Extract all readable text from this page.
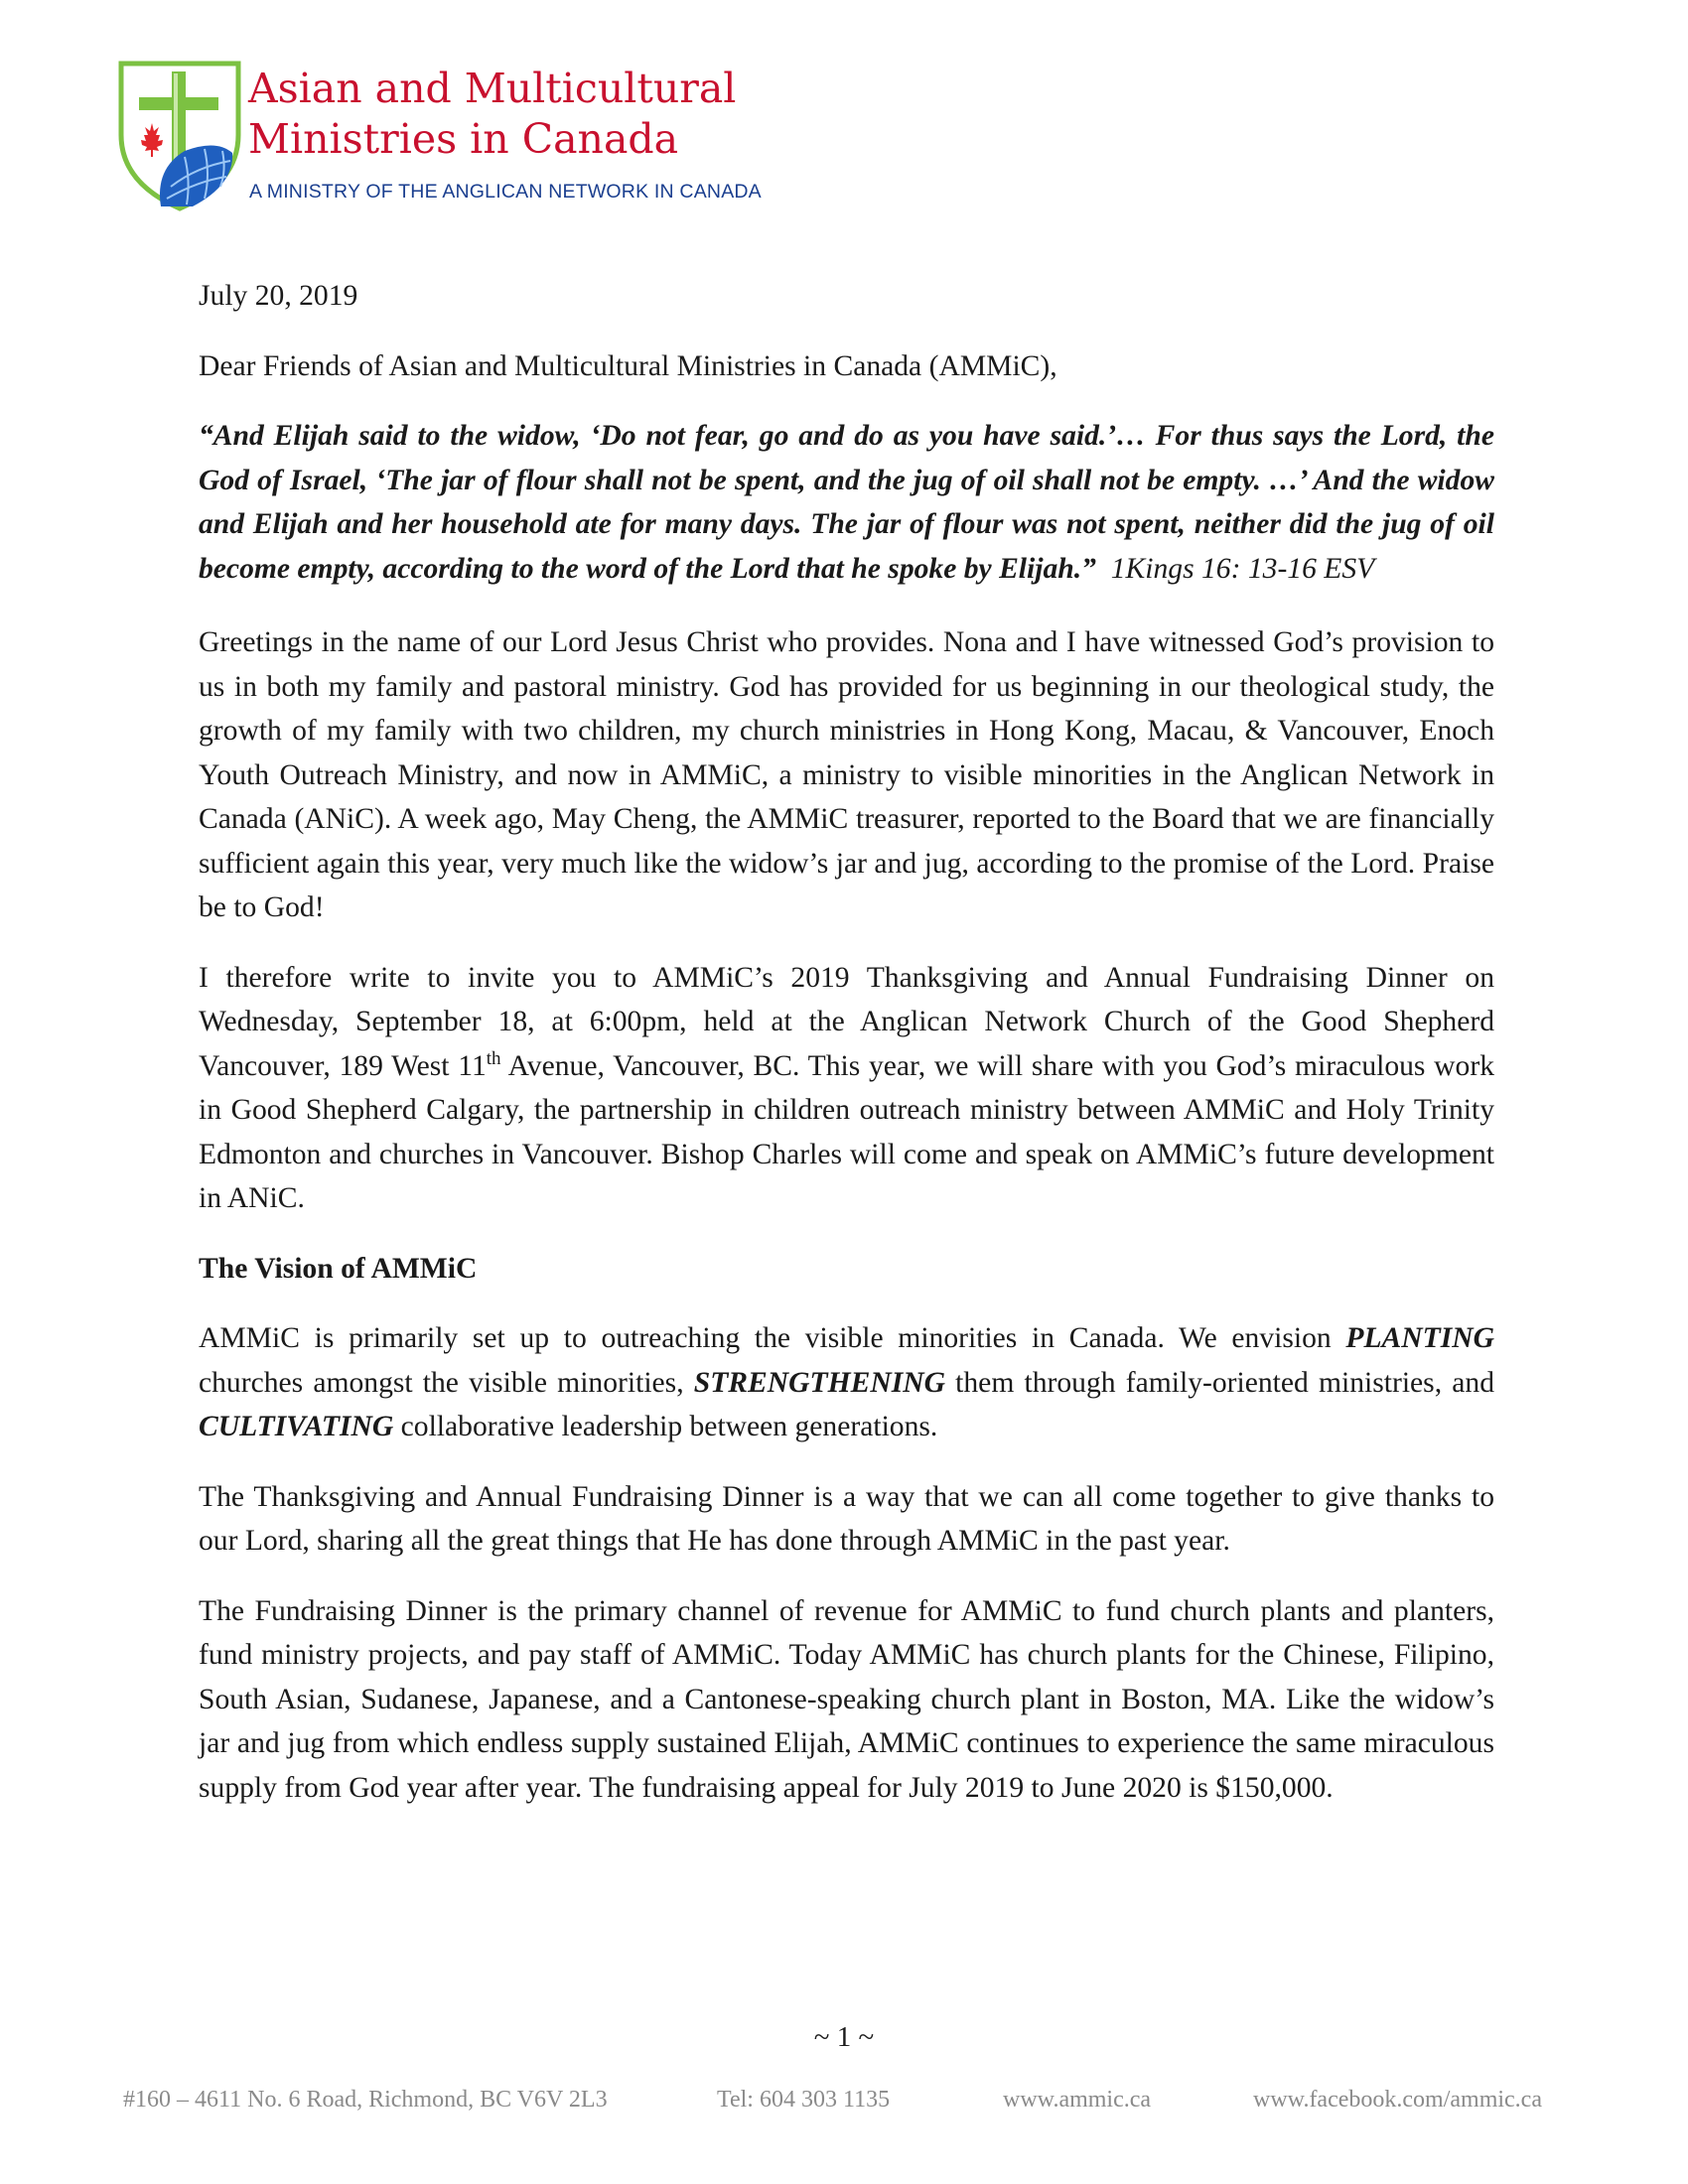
Asian and Multicultural
Ministries in Canada
A MINISTRY OF THE ANGLICAN NETWORK IN CANADA

July 20, 2019

Dear Friends of Asian and Multicultural Ministries in Canada (AMMiC),

“And Elijah said to the widow, ‘Do not fear, go and do as you have said.’… For thus says the Lord, the God of Israel, ‘The jar of flour shall not be spent, and the jug of oil shall not be empty. …’ And the widow and Elijah and her household ate for many days. The jar of flour was not spent, neither did the jug of oil become empty, according to the word of the Lord that he spoke by Elijah.” 1Kings 16: 13-16 ESV

Greetings in the name of our Lord Jesus Christ who provides. Nona and I have witnessed God’s provision to us in both my family and pastoral ministry. God has provided for us beginning in our theological study, the growth of my family with two children, my church ministries in Hong Kong, Macau, & Vancouver, Enoch Youth Outreach Ministry, and now in AMMiC, a ministry to visible minorities in the Anglican Network in Canada (ANiC). A week ago, May Cheng, the AMMiC treasurer, reported to the Board that we are financially sufficient again this year, very much like the widow’s jar and jug, according to the promise of the Lord. Praise be to God!

I therefore write to invite you to AMMiC’s 2019 Thanksgiving and Annual Fundraising Dinner on Wednesday, September 18, at 6:00pm, held at the Anglican Network Church of the Good Shepherd Vancouver, 189 West 11th Avenue, Vancouver, BC. This year, we will share with you God’s miraculous work in Good Shepherd Calgary, the partnership in children outreach ministry between AMMiC and Holy Trinity Edmonton and churches in Vancouver. Bishop Charles will come and speak on AMMiC’s future development in ANiC.

The Vision of AMMiC

AMMiC is primarily set up to outreaching the visible minorities in Canada. We envision PLANTING churches amongst the visible minorities, STRENGTHENING them through family-oriented ministries, and CULTIVATING collaborative leadership between generations.

The Thanksgiving and Annual Fundraising Dinner is a way that we can all come together to give thanks to our Lord, sharing all the great things that He has done through AMMiC in the past year.

The Fundraising Dinner is the primary channel of revenue for AMMiC to fund church plants and planters, fund ministry projects, and pay staff of AMMiC. Today AMMiC has church plants for the Chinese, Filipino, South Asian, Sudanese, Japanese, and a Cantonese-speaking church plant in Boston, MA. Like the widow’s jar and jug from which endless supply sustained Elijah, AMMiC continues to experience the same miraculous supply from God year after year. The fundraising appeal for July 2019 to June 2020 is $150,000.

~ 1 ~
#160 – 4611 No. 6 Road, Richmond, BC V6V 2L3	Tel: 604 303 1135	www.ammic.ca	www.facebook.com/ammic.ca
